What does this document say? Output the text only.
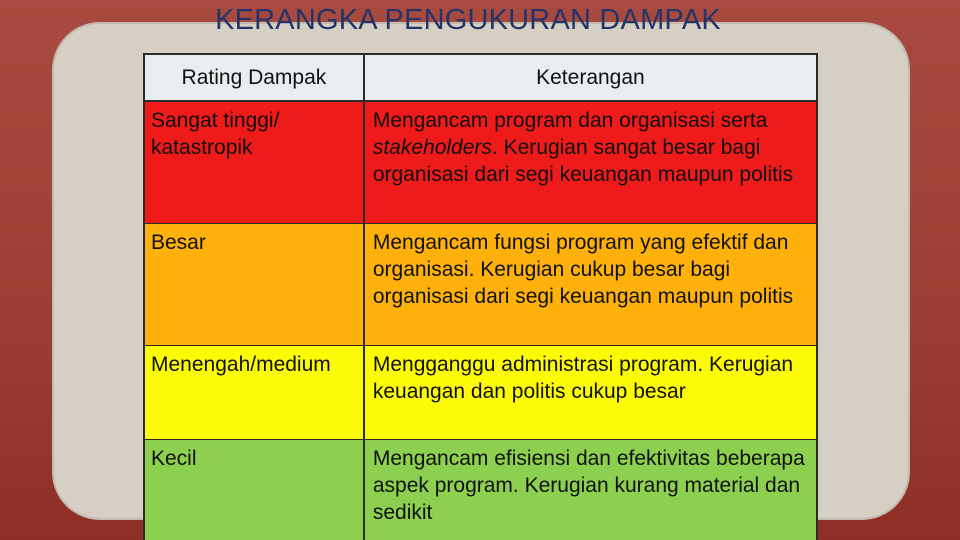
KERANGKA PENGUKURAN DAMPAK
Rating Dampak	Keterangan
Sangat tinggi/ katastropik	Mengancam program dan organisasi serta stakeholders. Kerugian sangat besar bagi organisasi dari segi keuangan maupun politis

Besar	Mengancam fungsi program yang efektif dan organisasi. Kerugian cukup besar bagi organisasi dari segi keuangan maupun politis

Menengah/medium	Mengganggu administrasi program. Kerugian keuangan dan politis cukup besar

Kecil	Mengancam efisiensi dan efektivitas beberapa aspek program. Kerugian kurang material dan sedikit
